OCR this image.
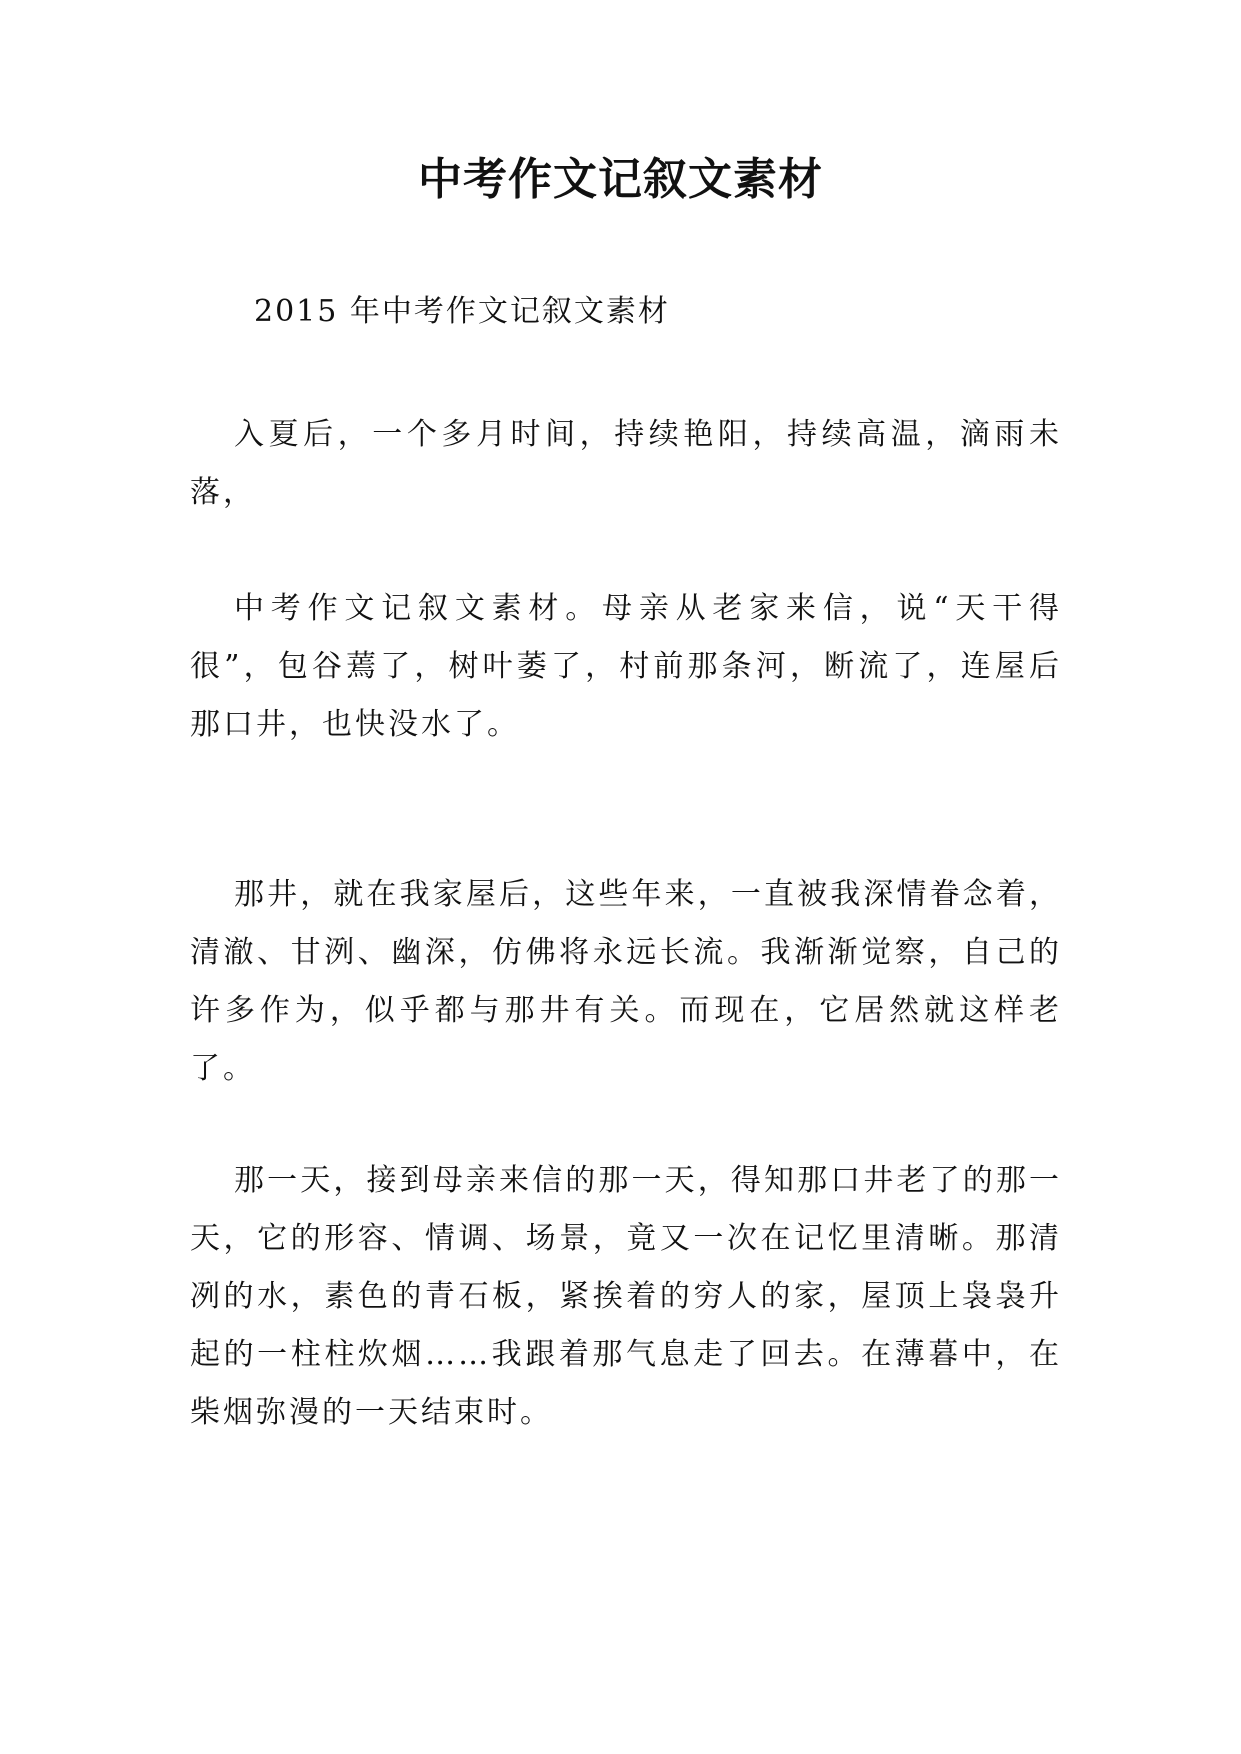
中考作文记叙文素材
2015 年中考作文记叙文素材

入夏后，一个多月时间，持续艳阳，持续高温，滴雨未落，

中考作文记叙文素材。母亲从老家来信，说“天干得很”，包谷蔫了，树叶萎了，村前那条河，断流了，连屋后那口井，也快没水了。

那井，就在我家屋后，这些年来，一直被我深情眷念着，清澈、甘洌、幽深，仿佛将永远长流。我渐渐觉察，自己的许多作为，似乎都与那井有关。而现在，它居然就这样老了。

那一天，接到母亲来信的那一天，得知那口井老了的那一天，它的形容、情调、场景，竟又一次在记忆里清晰。那清冽的水，素色的青石板，紧挨着的穷人的家，屋顶上袅袅升起的一柱柱炊烟……我跟着那气息走了回去。在薄暮中，在柴烟弥漫的一天结束时。
